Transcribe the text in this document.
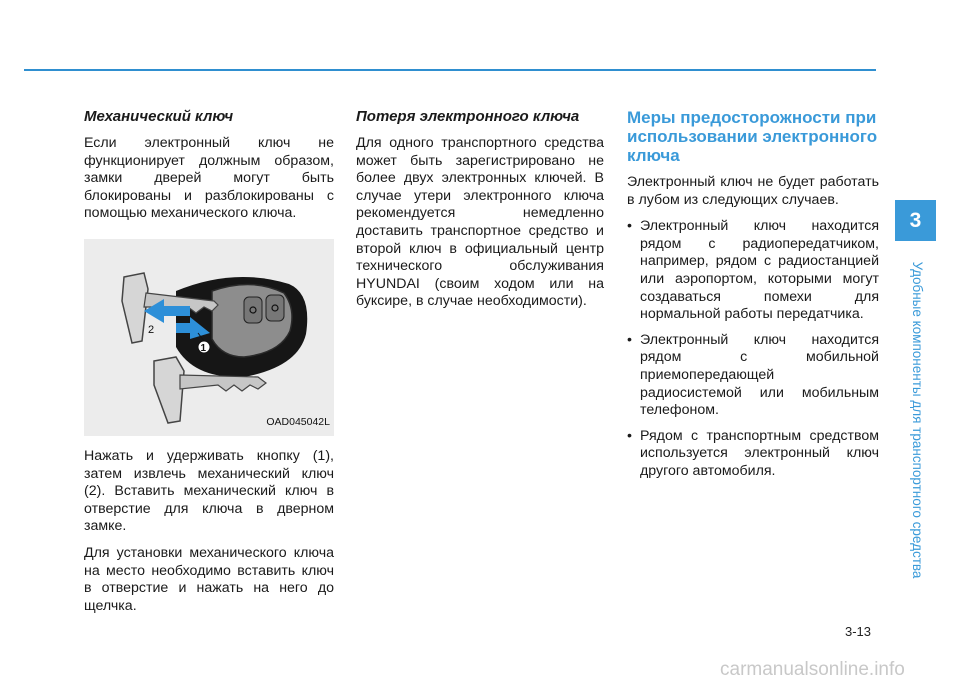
Механический ключ

Если электронный ключ не функционирует должным образом, замки дверей могут быть блокированы и разблокированы с помощью механического ключа.

2
1
OAD045042L

Нажать и удерживать кнопку (1), затем извлечь механический ключ (2). Вставить механический ключ в отверстие для ключа в дверном замке.

Для установки механического ключа на место необходимо вставить ключ в отверстие и нажать на него до щелчка.

Потеря электронного ключа

Для одного транспортного средства может быть зарегистрировано не более двух электронных ключей. В случае утери электронного ключа рекомендуется немедленно доставить транспортное средство и второй ключ в официальный центр технического обслуживания HYUNDAI (своим ходом или на буксире, в случае необходимости).

Меры предосторожности при использовании электронного ключа

Электронный ключ не будет работать в лубом из следующих случаев.

• Электронный ключ находится рядом с радиопередатчиком, например, рядом с радиостанцией или аэропортом, которыми могут создаваться помехи для нормальной работы передатчика.
• Электронный ключ находится рядом с мобильной приемопередающей радиосистемой или мобильным телефоном.
• Рядом с транспортным средством используется электронный ключ другого автомобиля.
3
Удобные компоненты для транспортного средства
3-13
carmanualsonline.info
